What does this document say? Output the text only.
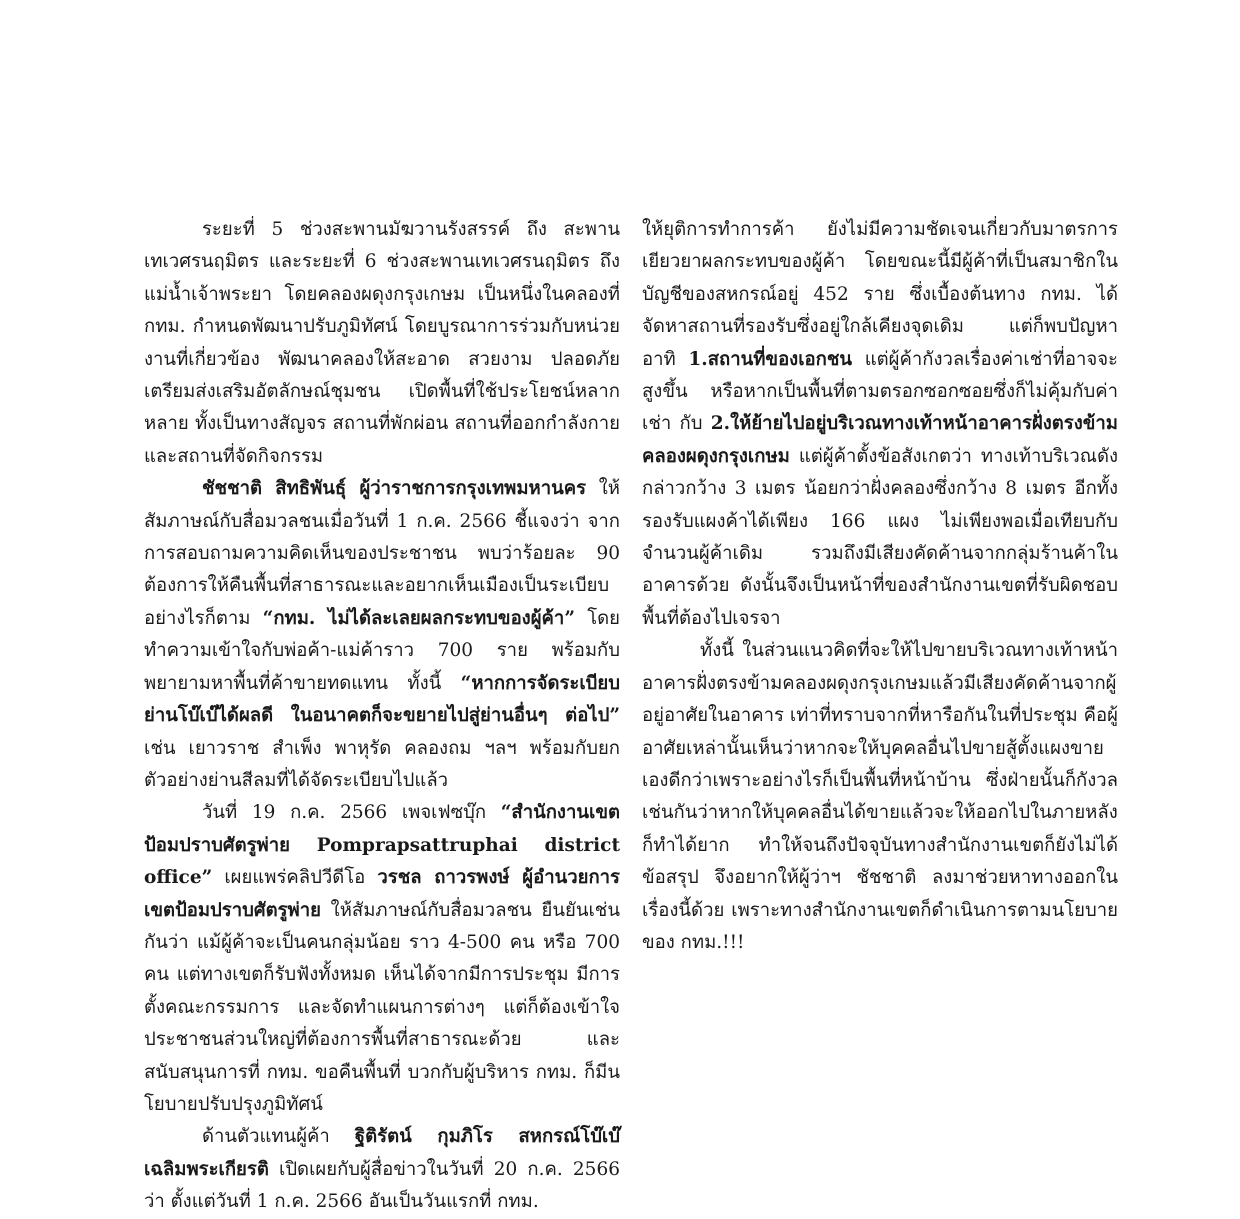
ระยะที่ 5 ช่วงสะพานมัฆวานรังสรรค์ ถึง สะพานเทเวศรนฤมิตร และระยะที่ 6 ช่วงสะพานเทเวศรนฤมิตร ถึง แม่น้ำเจ้าพระยา โดยคลองผดุงกรุงเกษม เป็นหนึ่งในคลองที่ กทม. กำหนดพัฒนาปรับภูมิทัศน์ โดยบูรณาการร่วมกับหน่วยงานที่เกี่ยวข้อง พัฒนาคลองให้สะอาด สวยงาม ปลอดภัย เตรียมส่งเสริมอัตลักษณ์ชุมชน เปิดพื้นที่ใช้ประโยชน์หลากหลาย ทั้งเป็นทางสัญจร สถานที่พักผ่อน สถานที่ออกกำลังกาย และสถานที่จัดกิจกรรม

ชัชชาติ สิทธิพันธุ์ ผู้ว่าราชการกรุงเทพมหานคร ให้สัมภาษณ์กับสื่อมวลชนเมื่อวันที่ 1 ก.ค. 2566 ชี้แจงว่า จากการสอบถามความคิดเห็นของประชาชน พบว่าร้อยละ 90 ต้องการให้คืนพื้นที่สาธารณะและอยากเห็นเมืองเป็นระเบียบอย่างไรก็ตาม “กทม. ไม่ได้ละเลยผลกระทบของผู้ค้า” โดยทำความเข้าใจกับพ่อค้า-แม่ค้าราว 700 ราย พร้อมกับพยายามหาพื้นที่ค้าขายทดแทน ทั้งนี้ “หากการจัดระเบียบย่านโบ๊เบ๊ได้ผลดี ในอนาคตก็จะขยายไปสู่ย่านอื่นๆ ต่อไป” เช่น เยาวราช สำเพ็ง พาหุรัด คลองถม ฯลฯ พร้อมกับยกตัวอย่างย่านสีลมที่ได้จัดระเบียบไปแล้ว

วันที่ 19 ก.ค. 2566 เพจเฟซบุ๊ก “สำนักงานเขตป้อมปราบศัตรูพ่าย Pomprapsattruphai district office” เผยแพร่คลิปวีดีโอ วรชล ถาวรพงษ์ ผู้อำนวยการเขตป้อมปราบศัตรูพ่าย ให้สัมภาษณ์กับสื่อมวลชน ยืนยันเช่นกันว่า แม้ผู้ค้าจะเป็นคนกลุ่มน้อย ราว 4-500 คน หรือ 700 คน แต่ทางเขตก็รับฟังทั้งหมด เห็นได้จากมีการประชุม มีการตั้งคณะกรรมการ และจัดทำแผนการต่างๆ แต่ก็ต้องเข้าใจประชาชนส่วนใหญ่ที่ต้องการพื้นที่สาธารณะด้วย และสนับสนุนการที่ กทม. ขอคืนพื้นที่ บวกกับผู้บริหาร กทม. ก็มีนโยบายปรับปรุงภูมิทัศน์

ด้านตัวแทนผู้ค้า ฐิติรัตน์ กุมภิโร สหกรณ์โบ๊เบ๊เฉลิมพระเกียรติ เปิดเผยกับผู้สื่อข่าวในวันที่ 20 ก.ค. 2566 ว่า ตั้งแต่วันที่ 1 ก.ค. 2566 อันเป็นวันแรกที่ กทม.

ให้ยุติการทำการค้า ยังไม่มีความชัดเจนเกี่ยวกับมาตรการเยียวยาผลกระทบของผู้ค้า โดยขณะนี้มีผู้ค้าที่เป็นสมาชิกในบัญชีของสหกรณ์อยู่ 452 ราย ซึ่งเบื้องต้นทาง กทม. ได้จัดหาสถานที่รองรับซึ่งอยู่ใกล้เคียงจุดเดิม แต่ก็พบปัญหา อาทิ 1.สถานที่ของเอกชน แต่ผู้ค้ากังวลเรื่องค่าเช่าที่อาจจะสูงขึ้น หรือหากเป็นพื้นที่ตามตรอกซอกซอยซึ่งก็ไม่คุ้มกับค่าเช่า กับ 2.ให้ย้ายไปอยู่บริเวณทางเท้าหน้าอาคารฝั่งตรงข้ามคลองผดุงกรุงเกษม แต่ผู้ค้าตั้งข้อสังเกตว่า ทางเท้าบริเวณดังกล่าวกว้าง 3 เมตร น้อยกว่าฝั่งคลองซึ่งกว้าง 8 เมตร อีกทั้งรองรับแผงค้าได้เพียง 166 แผง ไม่เพียงพอเมื่อเทียบกับจำนวนผู้ค้าเดิม รวมถึงมีเสียงคัดค้านจากกลุ่มร้านค้าในอาคารด้วย ดังนั้นจึงเป็นหน้าที่ของสำนักงานเขตที่รับผิดชอบพื้นที่ต้องไปเจรจา

ทั้งนี้ ในส่วนแนวคิดที่จะให้ไปขายบริเวณทางเท้าหน้าอาคารฝั่งตรงข้ามคลองผดุงกรุงเกษมแล้วมีเสียงคัดค้านจากผู้อยู่อาศัยในอาคาร เท่าที่ทราบจากที่หารือกันในที่ประชุม คือผู้อาศัยเหล่านั้นเห็นว่าหากจะให้บุคคลอื่นไปขายสู้ตั้งแผงขายเองดีกว่าเพราะอย่างไรก็เป็นพื้นที่หน้าบ้าน ซึ่งฝ่ายนั้นก็กังวลเช่นกันว่าหากให้บุคคลอื่นได้ขายแล้วจะให้ออกไปในภายหลังก็ทำได้ยาก ทำให้จนถึงปัจจุบันทางสำนักงานเขตก็ยังไม่ได้ข้อสรุป จึงอยากให้ผู้ว่าฯ ชัชชาติ ลงมาช่วยหาทางออกในเรื่องนี้ด้วย เพราะทางสำนักงานเขตก็ดำเนินการตามนโยบายของ กทม.!!!
